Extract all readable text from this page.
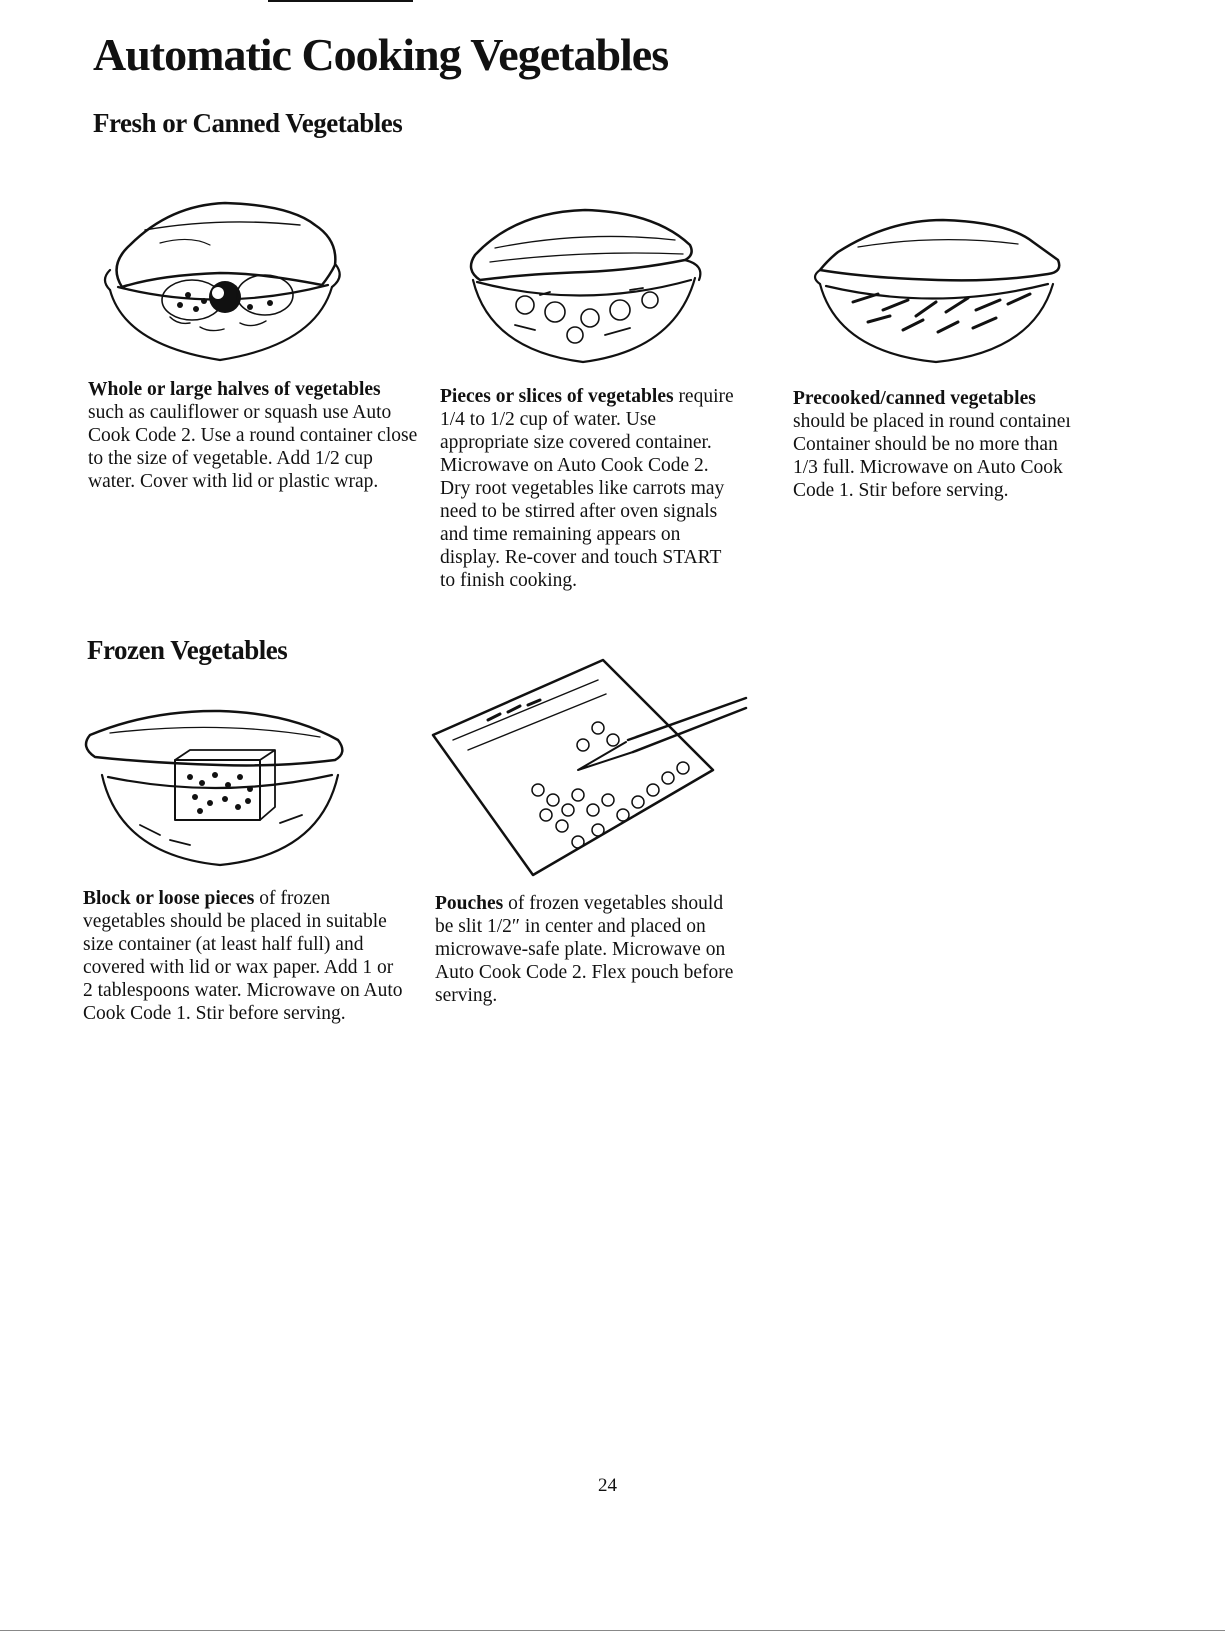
Automatic Cooking Vegetables
Fresh or Canned Vegetables

Whole or large halves of vegetables such as cauliflower or squash use Auto Cook Code 2. Use a round container close to the size of vegetable. Add 1/2 cup water. Cover with lid or plastic wrap.

Pieces or slices of vegetables require 1/4 to 1/2 cup of water. Use appropriate size covered container. Microwave on Auto Cook Code 2. Dry root vegetables like carrots may need to be stirred after oven signals and time remaining appears on display. Re-cover and touch START to finish cooking.

Precooked/canned vegetables should be placed in round containeı Container should be no more than 1/3 full. Microwave on Auto Cook Code 1. Stir before serving.

Frozen Vegetables

Block or loose pieces of frozen vegetables should be placed in suitable size container (at least half full) and covered with lid or wax paper. Add 1 or 2 tablespoons water. Microwave on Auto Cook Code 1. Stir before serving.

Pouches of frozen vegetables should be slit 1/2″ in center and placed on microwave-safe plate. Microwave on Auto Cook Code 2. Flex pouch before serving.

24
